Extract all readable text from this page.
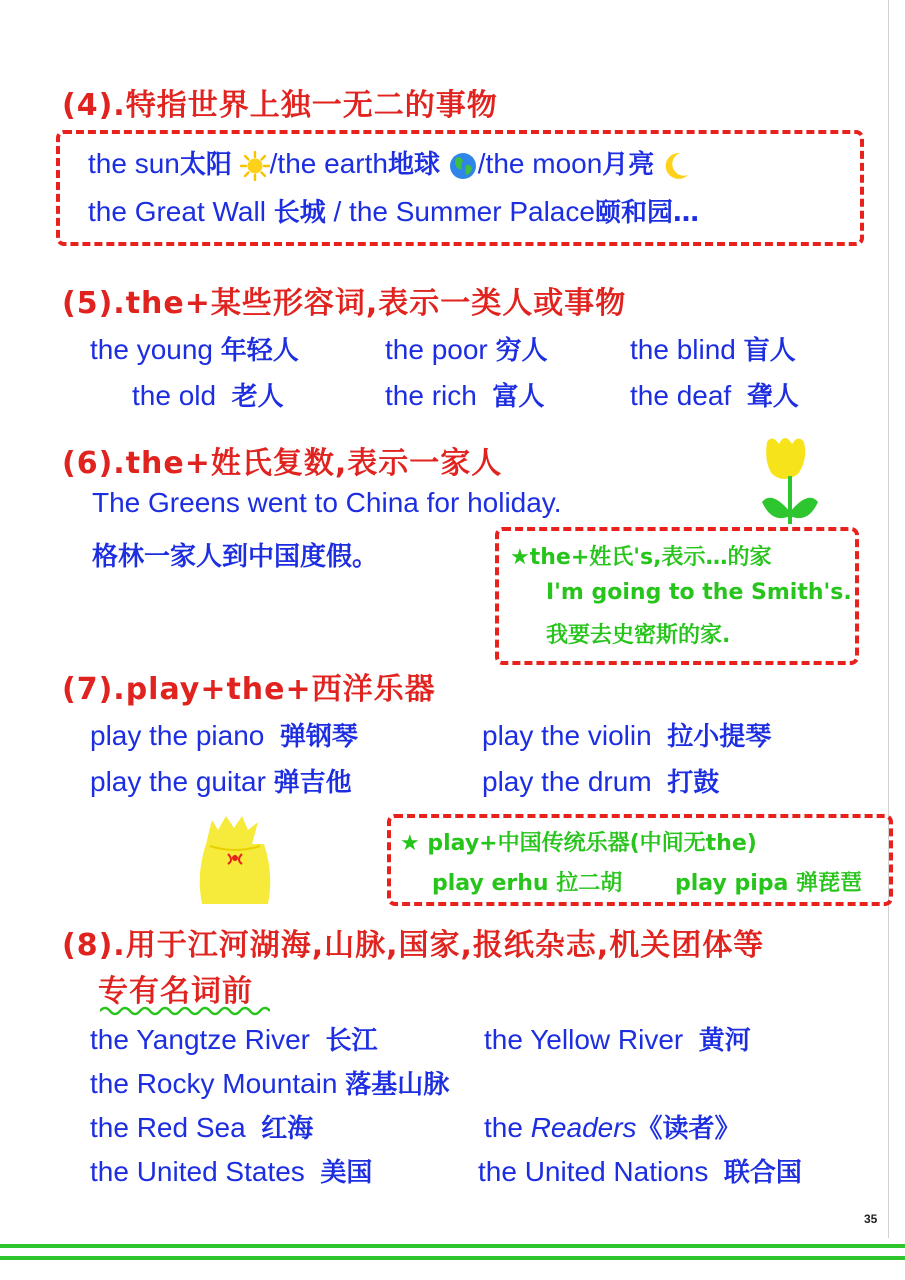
(4).特指世界上独一无二的事物
the sun太阳 /the earth地球 /the moon月亮
the Great Wall 长城 / the Summer Palace颐和园…
(5).the+某些形容词,表示一类人或事物
the young 年轻人	the poor 穷人	the blind 盲人
the old 老人	the rich 富人	the deaf 聋人
(6).the+姓氏复数,表示一家人
The Greens went to China for holiday.
格林一家人到中国度假。	★the+姓氏's,表示…的家
I'm going to the Smith's.
我要去史密斯的家.
(7).play+the+西洋乐器
play the piano 弹钢琴	play the violin 拉小提琴
play the guitar 弹吉他	play the drum 打鼓
★ play+中国传统乐器(中间无the)
play erhu 拉二胡 play pipa 弹琵琶
(8).用于江河湖海,山脉,国家,报纸杂志,机关团体等
专有名词前
the Yangtze River 长江	the Yellow River 黄河
the Rocky Mountain 落基山脉
the Red Sea 红海	the Readers《读者》
the United States 美国	the United Nations 联合国
35
